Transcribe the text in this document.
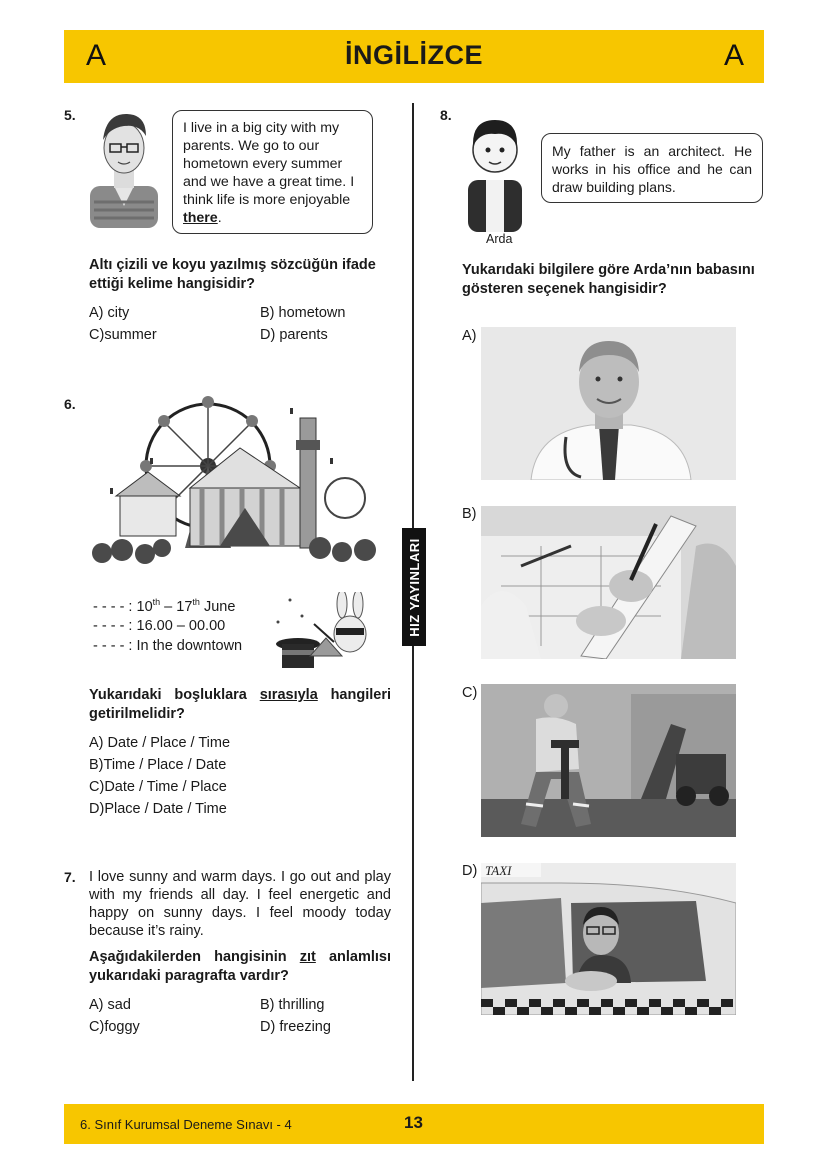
A	İNGİLİZCE	A
HIZ YAYINLARI
5.
I live in a big city with my parents. We go to our hometown every summer and we have a great time. I think life is more enjoyable there.
Altı çizili ve koyu yazılmış sözcüğün ifade ettiği kelime hangisidir?
A) city	B) hometown
C)summer	D) parents
6.
- - - - : 10th – 17th June
- - - - : 16.00 – 00.00
- - - - : In the downtown
Yukarıdaki boşluklara sırasıyla hangileri getirilmelidir?
A) Date / Place / Time
B)Time / Place / Date
C)Date / Time / Place
D)Place / Date / Time
7. I love sunny and warm days. I go out and play with my friends all day. I feel energetic and happy on sunny days. I feel moody today because it’s rainy.
Aşağıdakilerden hangisinin zıt anlamlısı yukarıdaki paragrafta vardır?
A) sad	B) thrilling
C)foggy	D) freezing
8.
Arda
My father is an architect. He works in his office and he can draw building plans.
Yukarıdaki bilgilere göre Arda’nın babasını gösteren seçenek hangisidir?
A)
B)
C)
D) TAXI
6. Sınıf Kurumsal Deneme Sınavı - 4	13
